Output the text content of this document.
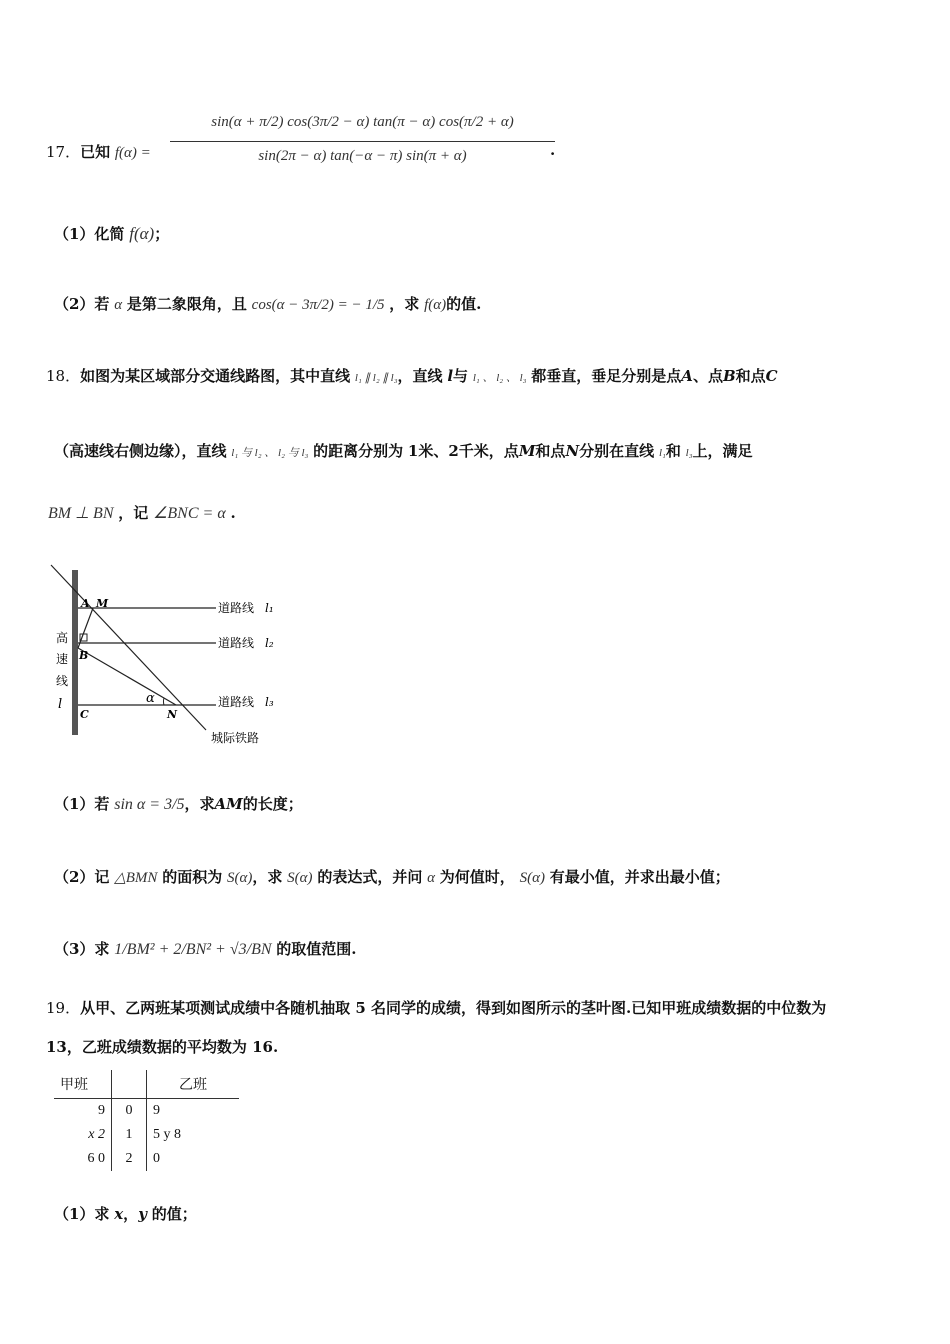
17．已知 $f(\alpha) = \frac{\sin(\alpha + \pi/2) \cos(3\pi/2 - \alpha) \tan(\pi - \alpha) \cos(\pi/2 + \alpha)}{\sin(2\pi - \alpha) \tan(-\alpha - \pi) \sin(\pi + \alpha)}$
.
（1）化简 f(α)；
（2）若 α 是第二象限角，且 cos(α − 3π/2) = − 1/5 ，求 f(α)的值.
18．如图为某区域部分交通线路图，其中直线 l₁ ∥ l₂ ∥ l₃，直线 l与 l₁ 、 l₂ 、 l₃ 都垂直，垂足分别是点A、点B和点C
（高速线右侧边缘），直线 l₁ 与 l₂ 、 l₂ 与 l₃ 的距离分别为 1米、2千米，点M和点N分别在直线 l₁和 l₃上，满足
BM ⊥ BN ，记 ∠BNC = α .
A M
B
C	N
α
高
速
线
l
道路线 l₁
道路线 l₂
道路线 l₃
城际铁路
（1）若 sin α = 3/5，求AM的长度；
（2）记 △BMN 的面积为 S(α)，求 S(α) 的表达式，并问 α 为何值时， S(α) 有最小值，并求出最小值；
（3）求 1/BM² + 2/BN² + √3/BN 的取值范围.
19．从甲、乙两班某项测试成绩中各随机抽取 5 名同学的成绩，得到如图所示的茎叶图.已知甲班成绩数据的中位数为
13，乙班成绩数据的平均数为 16.
甲班		乙班
9	0	9
x 2	1	5 y 8
6 0	2	0
（1）求 x，y 的值；
